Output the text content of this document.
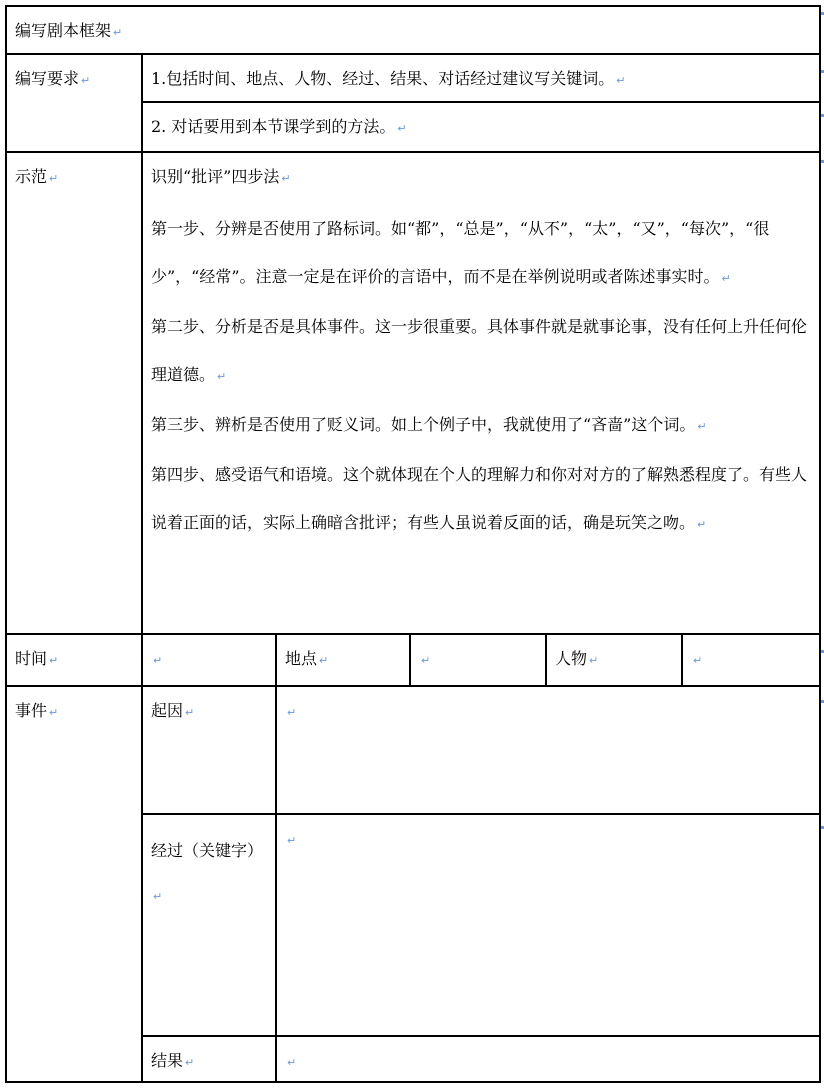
编写剧本框架 ↵					
编写要求 ↵	1.包括时间、地点、人物、经过、结果、对话经过建议写关键词。 ↵				
	2. 对话要用到本节课学到的方法。 ↵				
示范 ↵	识别“批评”四步法 ↵

第一步、分辨是否使用了路标词。如“都”，“总是”，“从不”，“太”，“又”，“每次”，“很少”，“经常”。注意一定是在评价的言语中，而不是在举例说明或者陈述事实时。 ↵

第二步、分析是否是具体事件。这一步很重要。具体事件就是就事论事，没有任何上升任何伦理道德。 ↵

第三步、辨析是否使用了贬义词。如上个例子中，我就使用了“吝啬”这个词。 ↵

第四步、感受语气和语境。这个就体现在个人的理解力和你对对方的了解熟悉程度了。有些人说着正面的话，实际上确暗含批评；有些人虽说着反面的话，确是玩笑之吻。 ↵				

时间 ↵	↵	地点 ↵	↵	人物 ↵	↵
事件 ↵	起因 ↵	↵			
	经过（关键字）↵	↵			
	结果 ↵	↵			
